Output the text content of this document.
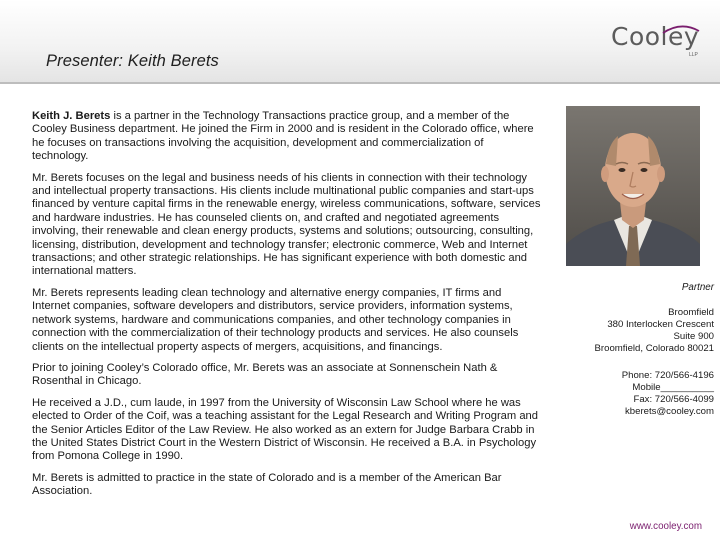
Presenter: Keith Berets
Cooley
LLP

Keith J. Berets is a partner in the Technology Transactions practice group, and a member of the Cooley Business department. He joined the Firm in 2000 and is resident in the Colorado office, where he focuses on transactions involving the acquisition, development and commercialization of technology.

Mr. Berets focuses on the legal and business needs of his clients in connection with their technology and intellectual property transactions. His clients include multinational public companies and start-ups financed by venture capital firms in the renewable energy, wireless communications, software, services and hardware industries. He has counseled clients on, and crafted and negotiated agreements involving, their renewable and clean energy products, systems and solutions; outsourcing, consulting, licensing, distribution, development and technology transfer; electronic commerce, Web and Internet transactions; and other strategic relationships. He has significant experience with both domestic and international matters.

Mr. Berets represents leading clean technology and alternative energy companies, IT firms and Internet companies, software developers and distributors, service providers, information systems, network systems, hardware and communications companies, and other technology companies in connection with the commercialization of their technology products and services. He also counsels clients on the intellectual property aspects of mergers, acquisitions, and financings.

Prior to joining Cooley’s Colorado office, Mr. Berets was an associate at Sonnenschein Nath & Rosenthal in Chicago.

He received a J.D., cum laude, in 1997 from the University of Wisconsin Law School where he was elected to Order of the Coif, was a teaching assistant for the Legal Research and Writing Program and the Senior Articles Editor of the Law Review. He also worked as an extern for Judge Barbara Crabb in the United States District Court in the Western District of Wisconsin. He received a B.A. in Psychology from Pomona College in 1990.

Mr. Berets is admitted to practice in the state of Colorado and is a member of the American Bar Association.

Partner
Broomfield
380 Interlocken Crescent
Suite 900
Broomfield, Colorado 80021
Phone: 720/566-4196
Mobile__________
Fax: 720/566-4099
kberets@cooley.com
www.cooley.com
